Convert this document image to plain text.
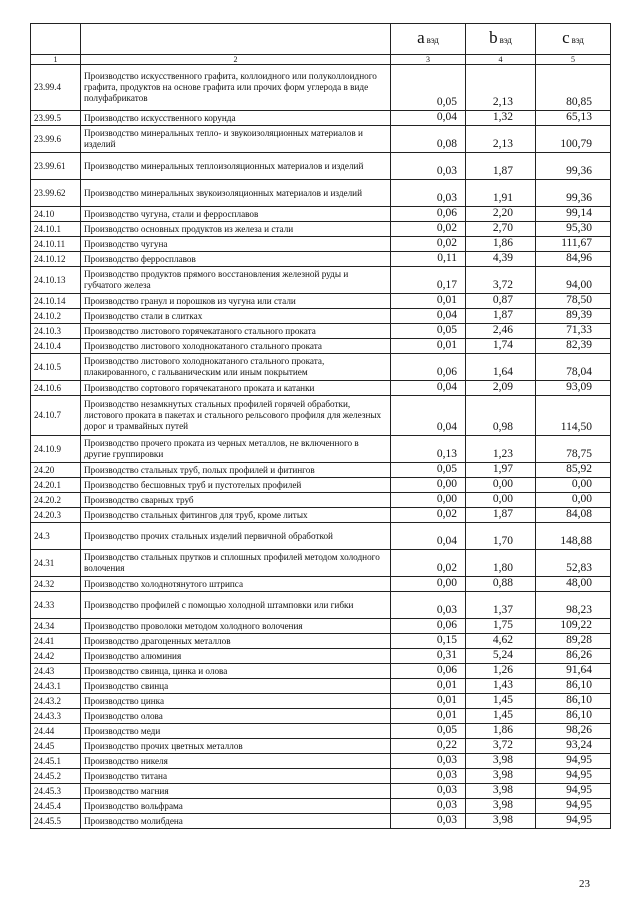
		a вэд	b вэд	c вэд
1	2	3	4	5
23.99.4	Производство искусственного графита, коллоидного или полуколлоидного графита, продуктов на основе графита или прочих форм углерода в виде полуфабрикатов	0,05	2,13	80,85
23.99.5	Производство искусственного корунда	0,04	1,32	65,13
23.99.6	Производство минеральных тепло- и звукоизоляционных материалов и изделий	0,08	2,13	100,79
23.99.61	Производство минеральных теплоизоляционных материалов и изделий	0,03	1,87	99,36
23.99.62	Производство минеральных звукоизоляционных материалов и изделий	0,03	1,91	99,36
24.10	Производство чугуна, стали и ферросплавов	0,06	2,20	99,14
24.10.1	Производство основных продуктов из железа и стали	0,02	2,70	95,30
24.10.11	Производство чугуна	0,02	1,86	111,67
24.10.12	Производство ферросплавов	0,11	4,39	84,96
24.10.13	Производство продуктов прямого восстановления железной руды и губчатого железа	0,17	3,72	94,00
24.10.14	Производство гранул и порошков из чугуна или стали	0,01	0,87	78,50
24.10.2	Производство стали в слитках	0,04	1,87	89,39
24.10.3	Производство листового горячекатаного стального проката	0,05	2,46	71,33
24.10.4	Производство листового холоднокатаного стального проката	0,01	1,74	82,39
24.10.5	Производство листового холоднокатаного стального проката, плакированного, с гальваническим или иным покрытием	0,06	1,64	78,04
24.10.6	Производство сортового горячекатаного проката и катанки	0,04	2,09	93,09
24.10.7	Производство незамкнутых стальных профилей горячей обработки, листового проката в пакетах и стального рельсового профиля для железных дорог и трамвайных путей	0,04	0,98	114,50
24.10.9	Производство прочего проката из черных металлов, не включенного в другие группировки	0,13	1,23	78,75
24.20	Производство стальных труб, полых профилей и фитингов	0,05	1,97	85,92
24.20.1	Производство бесшовных труб и пустотелых профилей	0,00	0,00	0,00
24.20.2	Производство сварных труб	0,00	0,00	0,00
24.20.3	Производство стальных фитингов для труб, кроме литых	0,02	1,87	84,08
24.3	Производство прочих стальных изделий первичной обработкой	0,04	1,70	148,88
24.31	Производство стальных прутков и сплошных профилей методом холодного волочения	0,02	1,80	52,83
24.32	Производство холоднотянутого штрипса	0,00	0,88	48,00
24.33	Производство профилей с помощью холодной штамповки или гибки	0,03	1,37	98,23
24.34	Производство проволоки методом холодного волочения	0,06	1,75	109,22
24.41	Производство драгоценных металлов	0,15	4,62	89,28
24.42	Производство алюминия	0,31	5,24	86,26
24.43	Производство свинца, цинка и олова	0,06	1,26	91,64
24.43.1	Производство свинца	0,01	1,43	86,10
24.43.2	Производство цинка	0,01	1,45	86,10
24.43.3	Производство олова	0,01	1,45	86,10
24.44	Производство меди	0,05	1,86	98,26
24.45	Производство прочих цветных металлов	0,22	3,72	93,24
24.45.1	Производство никеля	0,03	3,98	94,95
24.45.2	Производство титана	0,03	3,98	94,95
24.45.3	Производство магния	0,03	3,98	94,95
24.45.4	Производство вольфрама	0,03	3,98	94,95
24.45.5	Производство молибдена	0,03	3,98	94,95
23
